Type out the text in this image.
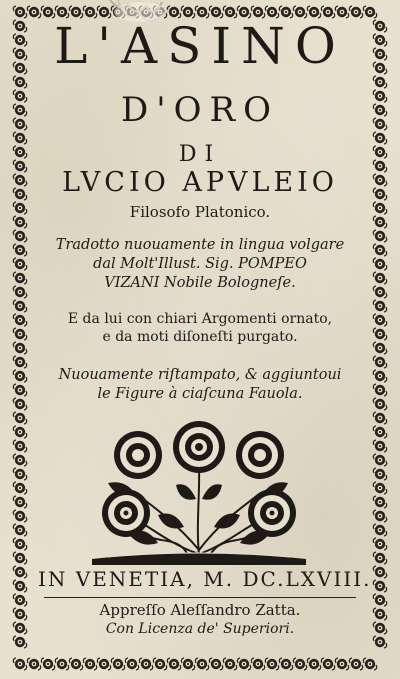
L'ASINO
D'ORO
DI
LVCIO APVLEIO
Filosofo Platonico.
Tradotto nuouamente in lingua volgare
dal Molt'Illust. Sig. POMPEO
VIZANI Nobile Bologneſe.
E da lui con chiari Argomenti ornato,
e da moti diſoneſti purgato.
Nuouamente riſtampato, & aggiuntoui
le Figure à ciaſcuna Fauola.
IN VENETIA, M. DC.LXVIII.
Appreſſo Aleſſandro Zatta.
Con Licenza de' Superiori.
